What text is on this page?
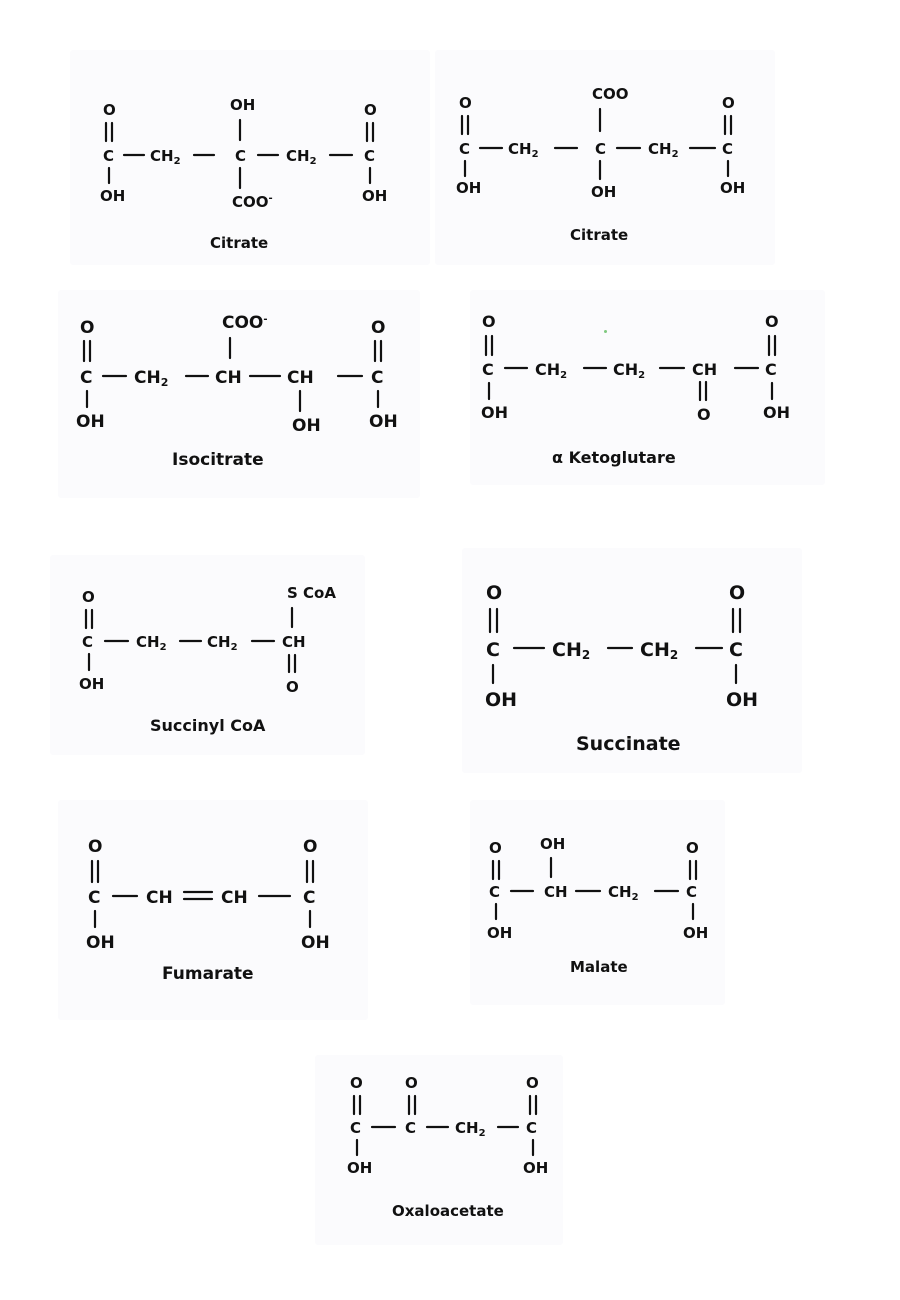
O
C
OH
$CH_2$
OH
C
COO-
$CH_2$
O
C
OH
Citrate
O
C
OH
$CH_2$
COO
C
OH
$CH_2$
O
C
OH
Citrate
O
C
OH
CH2
COO-
CH	CH
OH
O
C
OH
Isocitrate
O
C
OH
CH2	CH2	CH
O
O
C
OH
α Ketoglutare
O
C
OH
$CH_2$	$CH_2$
S CoA
CH
O
Succinyl CoA
O
C
OH
CH2	CH2
O
C
OH
Succinate
O
C
OH
CH	CH
O
C
OH
Fumarate
O
C
OH
OH
CH	$CH_2$
O
C
OH
Malate
O
C
OH
O
C	$CH_2$
O
C
OH
Oxaloacetate
